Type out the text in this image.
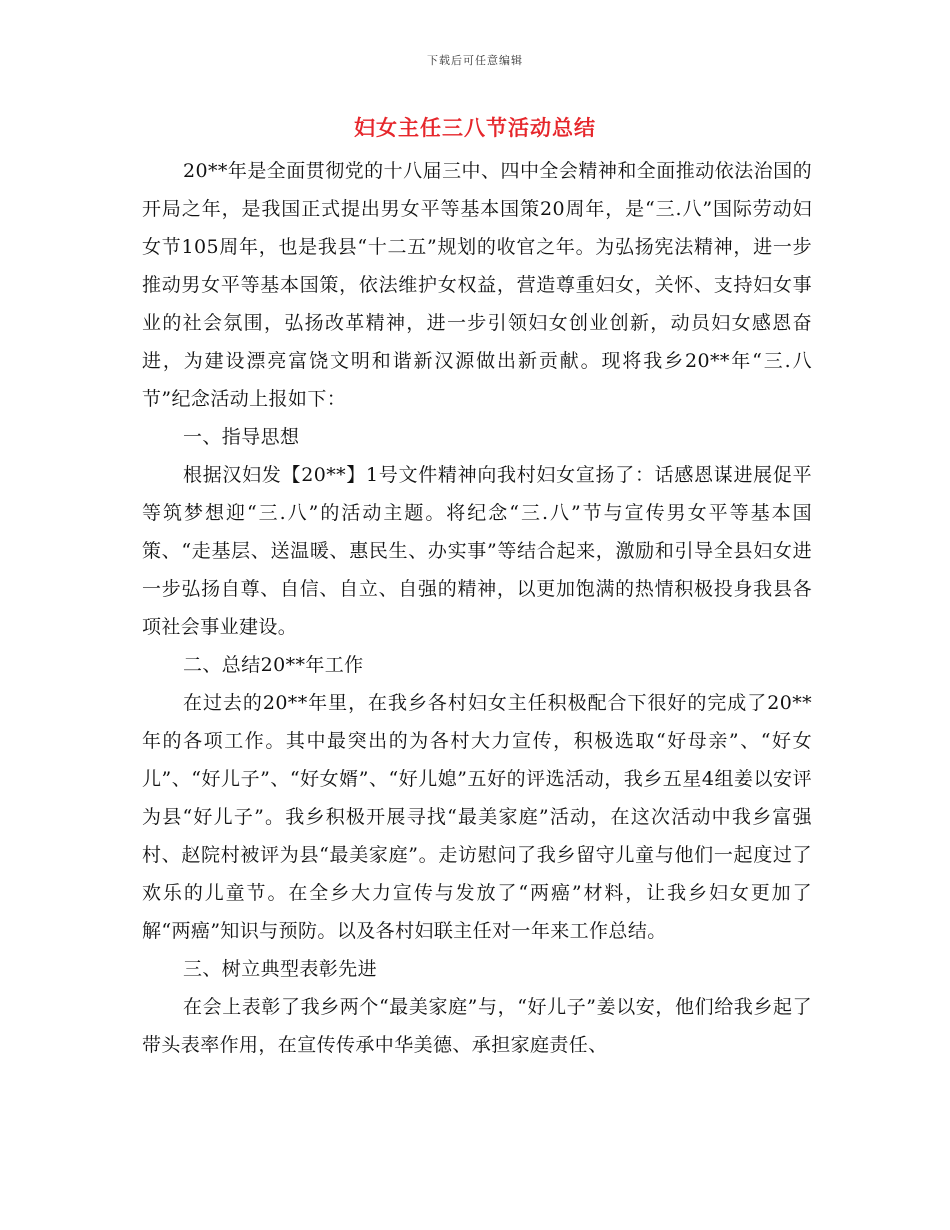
下载后可任意编辑
妇女主任三八节活动总结

20**年是全面贯彻党的十八届三中、四中全会精神和全面推动依法治国的开局之年，是我国正式提出男女平等基本国策20周年，是“三.八”国际劳动妇女节105周年，也是我县“十二五”规划的收官之年。为弘扬宪法精神，进一步推动男女平等基本国策，依法维护女权益，营造尊重妇女，关怀、支持妇女事业的社会氛围，弘扬改革精神，进一步引领妇女创业创新，动员妇女感恩奋进，为建设漂亮富饶文明和谐新汉源做出新贡献。现将我乡20**年“三.八节”纪念活动上报如下：

一、指导思想

根据汉妇发【20**】1号文件精神向我村妇女宣扬了：话感恩谋进展促平等筑梦想迎“三.八”的活动主题。将纪念“三.八”节与宣传男女平等基本国策、“走基层、送温暖、惠民生、办实事”等结合起来，激励和引导全县妇女进一步弘扬自尊、自信、自立、自强的精神，以更加饱满的热情积极投身我县各项社会事业建设。

二、总结20**年工作

在过去的20**年里，在我乡各村妇女主任积极配合下很好的完成了20**年的各项工作。其中最突出的为各村大力宣传，积极选取“好母亲”、“好女儿”、“好儿子”、“好女婿”、“好儿媳”五好的评选活动，我乡五星4组姜以安评为县“好儿子”。我乡积极开展寻找“最美家庭”活动，在这次活动中我乡富强村、赵院村被评为县“最美家庭”。走访慰问了我乡留守儿童与他们一起度过了欢乐的儿童节。在全乡大力宣传与发放了“两癌”材料，让我乡妇女更加了解“两癌”知识与预防。以及各村妇联主任对一年来工作总结。

三、树立典型表彰先进

在会上表彰了我乡两个“最美家庭”与，“好儿子”姜以安，他们给我乡起了带头表率作用，在宣传传承中华美德、承担家庭责任、
